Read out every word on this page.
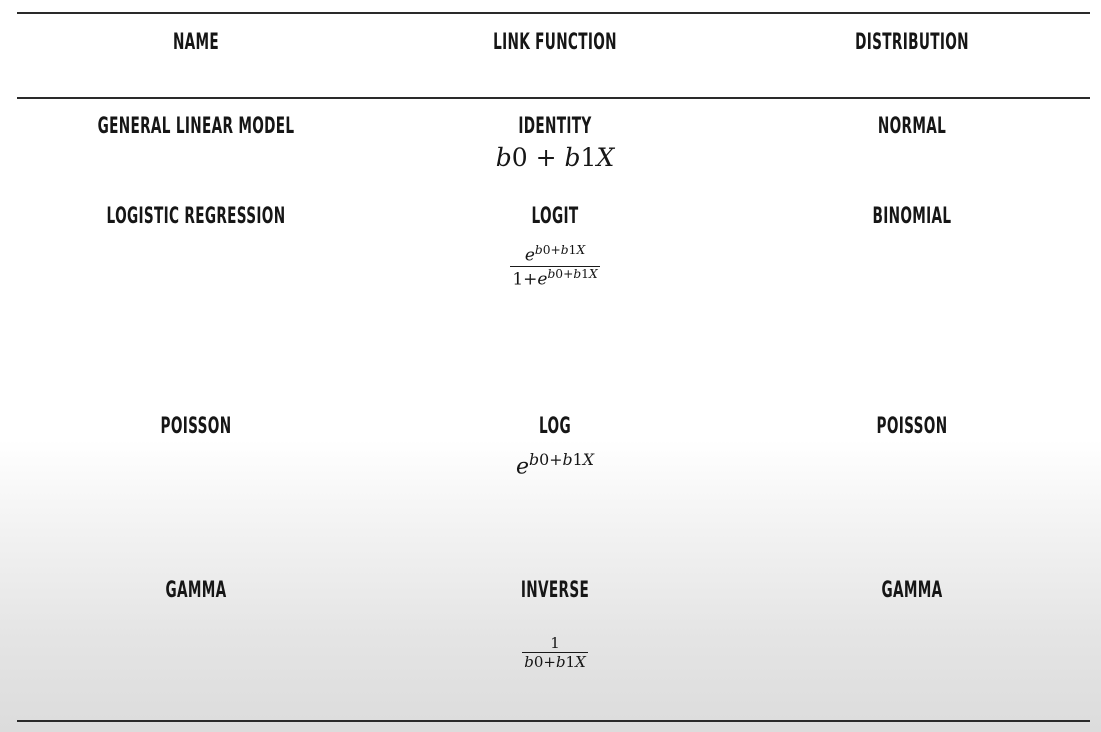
NAME	LINK FUNCTION	DISTRIBUTION
GENERAL LINEAR MODEL	IDENTITY	NORMAL
b0 + b1X
LOGISTIC REGRESSION	LOGIT	BINOMIAL
$\frac{e^{b0+b1X}}{1+e^{b0+b1X}}$
POISSON	LOG	POISSON
$e^{b0+b1X}$
GAMMA	INVERSE	GAMMA
$\frac{1}{b0+b1X}$
